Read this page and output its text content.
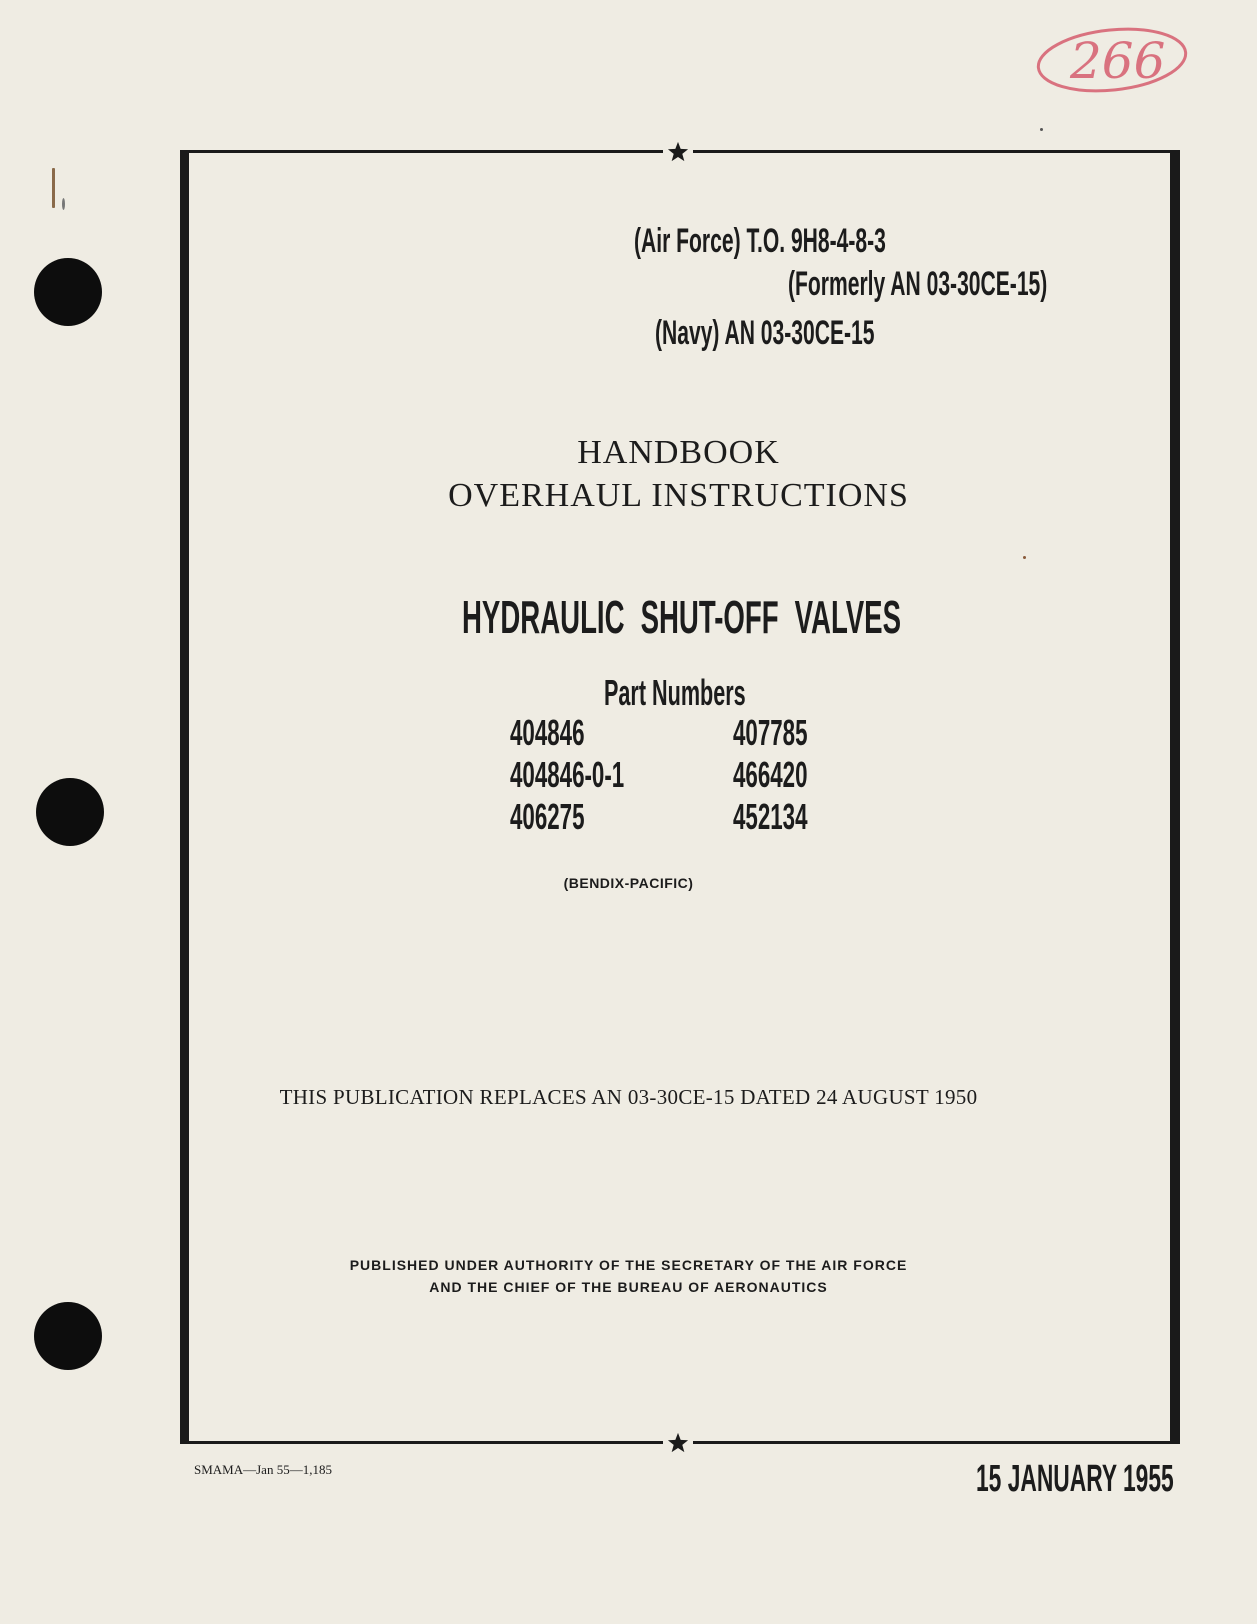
266
(Air Force) T.O. 9H8-4-8-3
(Formerly AN 03-30CE-15)
(Navy) AN 03-30CE-15
HANDBOOK
OVERHAUL INSTRUCTIONS
HYDRAULIC SHUT-OFF VALVES
Part Numbers
404846
404846-0-1
406275
407785
466420
452134
(BENDIX-PACIFIC)
THIS PUBLICATION REPLACES AN 03-30CE-15 DATED 24 AUGUST 1950
PUBLISHED UNDER AUTHORITY OF THE SECRETARY OF THE AIR FORCE
AND THE CHIEF OF THE BUREAU OF AERONAUTICS
SMAMA—Jan 55—1,185	15 JANUARY 1955
